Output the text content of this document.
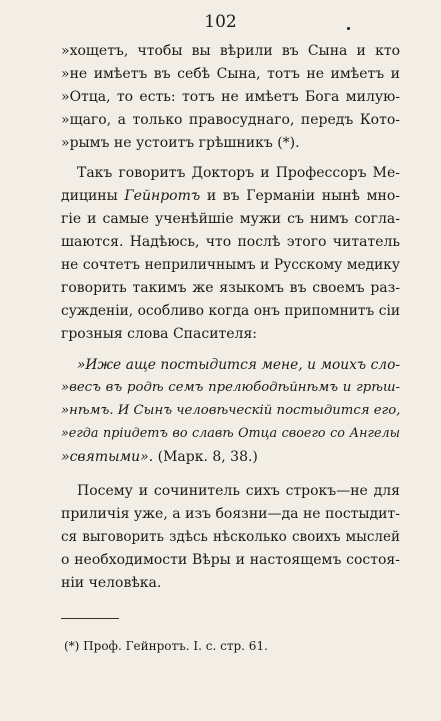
102
»хощетъ, чтобы вы вѣрили въ Сына и кто
»не имѣетъ въ себѣ Сына, тотъ не имѣетъ и
»Отца, то есть: тотъ не имѣетъ Бога милую-
»щаго, а только правосуднаго, передъ Кото-
»рымъ не устоитъ грѣшникъ (*).
Такъ говоритъ Докторъ и Профессоръ Ме-
дицины Гейнротъ и въ Германіи нынѣ мно-
гіе и самые ученѣйшіе мужи съ нимъ согла-
шаются. Надѣюсь, что послѣ этого читатель
не сочтетъ неприличнымъ и Русскому медику
говорить такимъ же языкомъ въ своемъ раз-
сужденіи, особливо когда онъ припомнитъ сіи
грозныя слова Спасителя:
»Иже аще постыдится мене, и моихъ сло-
»весъ въ родѣ семъ прелюбодѣйнѣмъ и грѣш-
»нѣмъ. И Сынъ человѣческій постыдится его,
»егда пріидетъ во славѣ Отца своего со Ангелы
»святыми». (Марк. 8, 38.)
Посему и сочинитель сихъ строкъ—не для
приличія уже, а изъ боязни—да не постыдит-
ся выговорить здѣсь нѣсколько своихъ мыслей
о необходимости Вѣры и настоящемъ состоя-
ніи человѣка.
(*) Проф. Гейнротъ. І. с. стр. 61.
